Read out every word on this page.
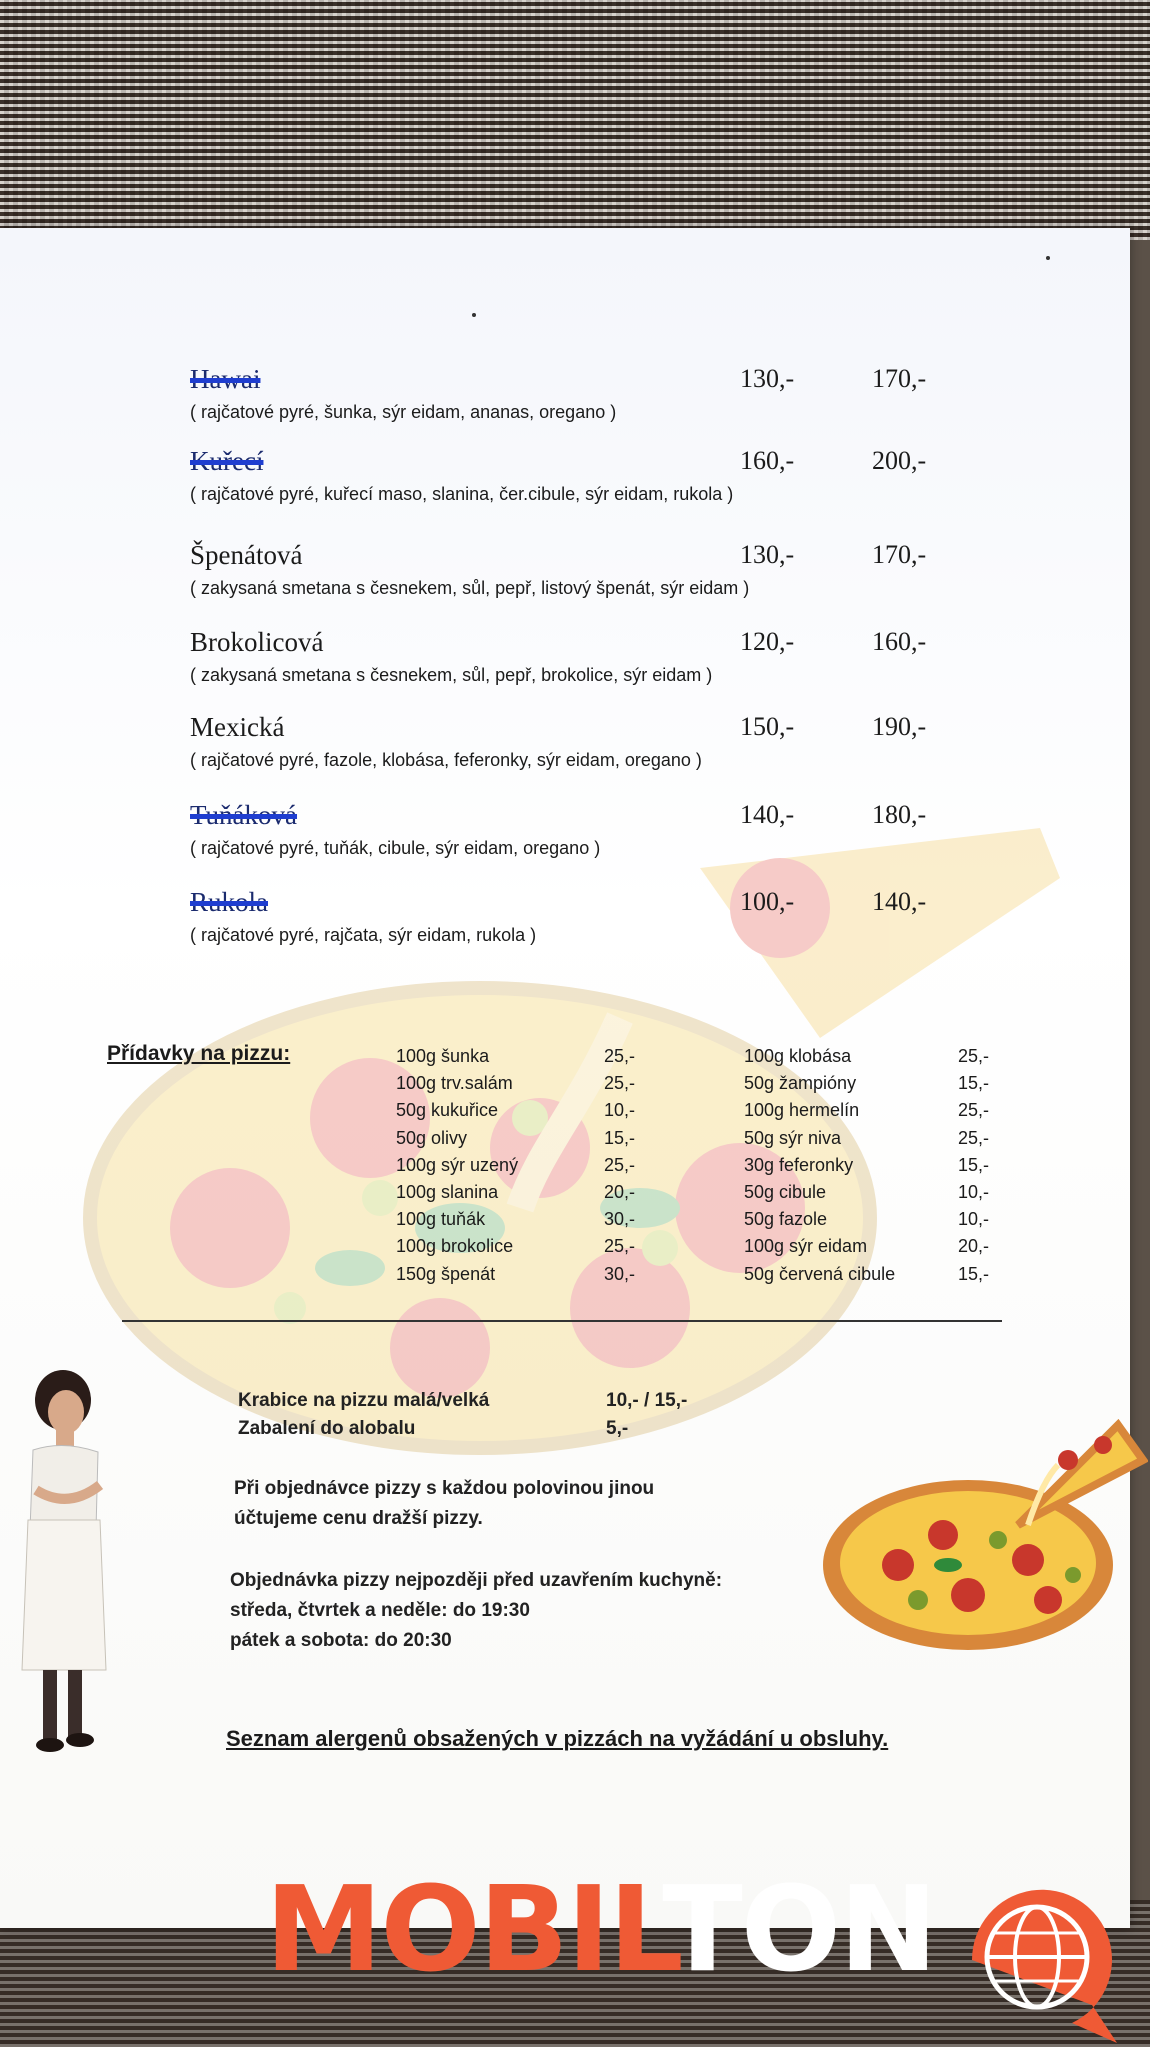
Hawai	130,-	170,-
( rajčatové pyré, šunka, sýr eidam, ananas, oregano )
Kuřecí	160,-	200,-
( rajčatové pyré, kuřecí maso, slanina, čer.cibule, sýr eidam, rukola )
Špenátová	130,-	170,-
( zakysaná smetana s česnekem, sůl, pepř, listový špenát, sýr eidam )
Brokolicová	120,-	160,-
( zakysaná smetana s česnekem, sůl, pepř, brokolice, sýr eidam )
Mexická	150,-	190,-
( rajčatové pyré, fazole, klobása, feferonky, sýr eidam, oregano )
Tuňáková	140,-	180,-
( rajčatové pyré, tuňák, cibule, sýr eidam, oregano )
Rukola	100,-	140,-
( rajčatové pyré, rajčata, sýr eidam, rukola )
Přídavky na pizzu:	100g šunka	25,-
100g trv.salám	25,-
50g kukuřice	10,-
50g olivy	15,-
100g sýr uzený	25,-
100g slanina	20,-
100g tuňák	30,-
100g brokolice	25,-
150g špenát	30,-
100g klobása	25,-
50g žampióny	15,-
100g hermelín	25,-
50g sýr niva	25,-
30g feferonky	15,-
50g cibule	10,-
50g fazole	10,-
100g sýr eidam	20,-
50g červená cibule	15,-
Krabice na pizzu malá/velká	10,- / 15,-
Zabalení do alobalu	5,-
Při objednávce pizzy s každou polovinou jinou
účtujeme cenu dražší pizzy.
Objednávka pizzy nejpozději před uzavřením kuchyně:
středa, čtvrtek a neděle: do 19:30
pátek a sobota: do 20:30
Seznam alergenů obsažených v pizzách na vyžádání u obsluhy.
MOBILTON
